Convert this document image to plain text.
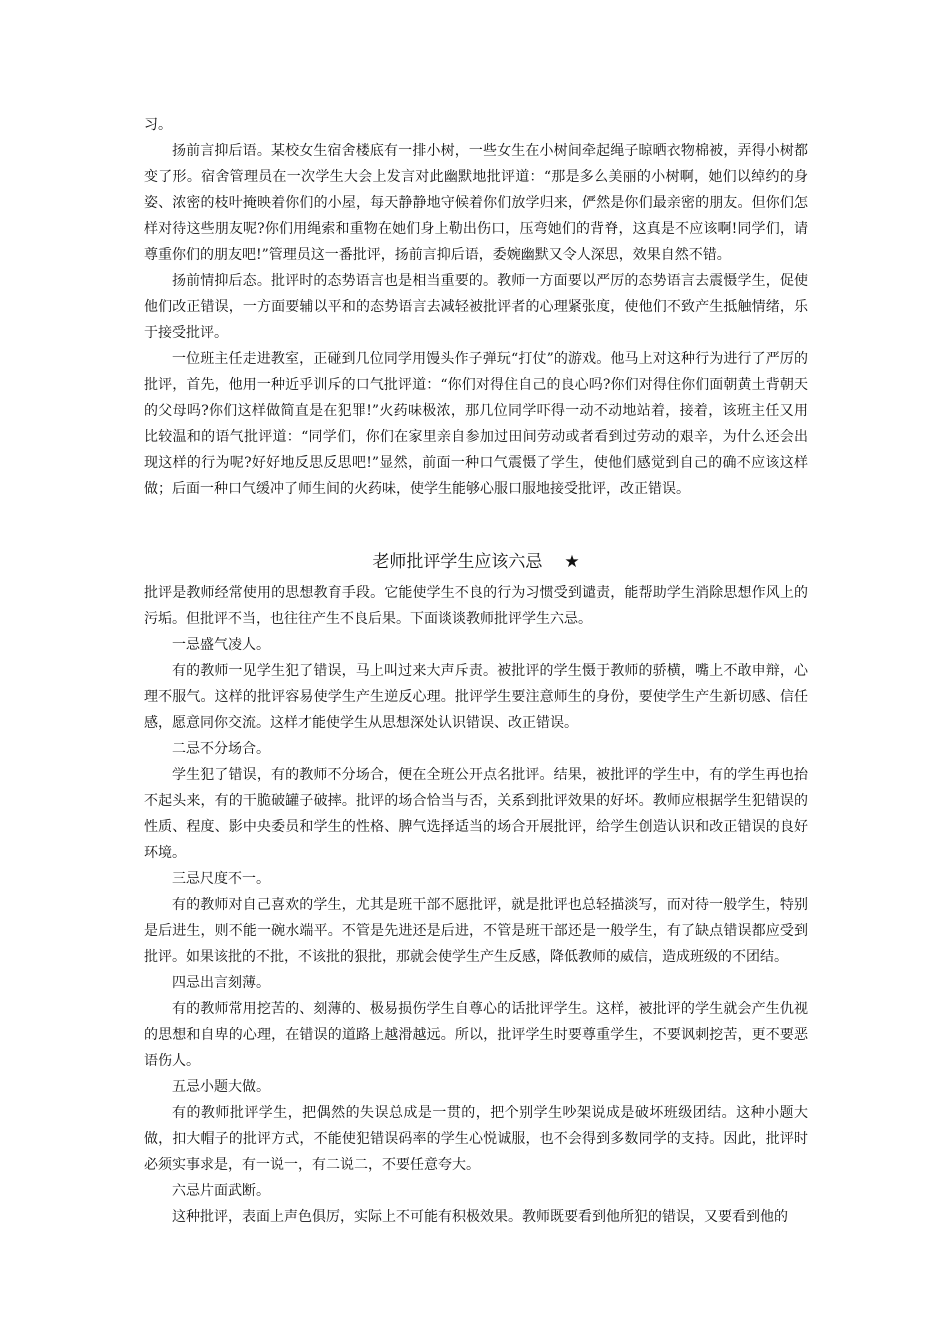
习。

扬前言抑后语。某校女生宿舍楼底有一排小树，一些女生在小树间牵起绳子晾晒衣物棉被，弄得小树都变了形。宿舍管理员在一次学生大会上发言对此幽默地批评道：“那是多么美丽的小树啊，她们以绰约的身姿、浓密的枝叶掩映着你们的小屋，每天静静地守候着你们放学归来，俨然是你们最亲密的朋友。但你们怎样对待这些朋友呢?你们用绳索和重物在她们身上勒出伤口，压弯她们的背脊，这真是不应该啊!同学们，请尊重你们的朋友吧!”管理员这一番批评，扬前言抑后语，委婉幽默又令人深思，效果自然不错。

扬前情抑后态。批评时的态势语言也是相当重要的。教师一方面要以严厉的态势语言去震慑学生，促使他们改正错误，一方面要辅以平和的态势语言去减轻被批评者的心理紧张度，使他们不致产生抵触情绪，乐于接受批评。

一位班主任走进教室，正碰到几位同学用馒头作子弹玩“打仗”的游戏。他马上对这种行为进行了严厉的批评，首先，他用一种近乎训斥的口气批评道：“你们对得住自己的良心吗?你们对得住你们面朝黄土背朝天的父母吗?你们这样做简直是在犯罪!”火药味极浓，那几位同学吓得一动不动地站着，接着，该班主任又用比较温和的语气批评道：“同学们，你们在家里亲自参加过田间劳动或者看到过劳动的艰辛，为什么还会出现这样的行为呢?好好地反思反思吧!”显然，前面一种口气震慑了学生，使他们感觉到自己的确不应该这样做；后面一种口气缓冲了师生间的火药味，使学生能够心服口服地接受批评，改正错误。

老师批评学生应该六忌 ★

批评是教师经常使用的思想教育手段。它能使学生不良的行为习惯受到谴责，能帮助学生消除思想作风上的污垢。但批评不当，也往往产生不良后果。下面谈谈教师批评学生六忌。

一忌盛气凌人。

有的教师一见学生犯了错误，马上叫过来大声斥责。被批评的学生慑于教师的骄横，嘴上不敢申辩，心理不服气。这样的批评容易使学生产生逆反心理。批评学生要注意师生的身份，要使学生产生新切感、信任感，愿意同你交流。这样才能使学生从思想深处认识错误、改正错误。

二忌不分场合。

学生犯了错误，有的教师不分场合，便在全班公开点名批评。结果，被批评的学生中，有的学生再也抬不起头来，有的干脆破罐子破摔。批评的场合恰当与否，关系到批评效果的好坏。教师应根据学生犯错误的性质、程度、影中央委员和学生的性格、脾气选择适当的场合开展批评，给学生创造认识和改正错误的良好环境。

三忌尺度不一。

有的教师对自己喜欢的学生，尤其是班干部不愿批评，就是批评也总轻描淡写，而对待一般学生，特别是后进生，则不能一碗水端平。不管是先进还是后进，不管是班干部还是一般学生，有了缺点错误都应受到批评。如果该批的不批，不该批的狠批，那就会使学生产生反感，降低教师的威信，造成班级的不团结。

四忌出言刻薄。

有的教师常用挖苦的、刻薄的、极易损伤学生自尊心的话批评学生。这样，被批评的学生就会产生仇视的思想和自卑的心理，在错误的道路上越滑越远。所以，批评学生时要尊重学生，不要讽刺挖苦，更不要恶语伤人。

五忌小题大做。

有的教师批评学生，把偶然的失误总成是一贯的，把个别学生吵架说成是破坏班级团结。这种小题大做，扣大帽子的批评方式，不能使犯错误码率的学生心悦诚服，也不会得到多数同学的支持。因此，批评时必须实事求是，有一说一，有二说二，不要任意夸大。

六忌片面武断。

这种批评，表面上声色俱厉，实际上不可能有积极效果。教师既要看到他所犯的错误，又要看到他的
